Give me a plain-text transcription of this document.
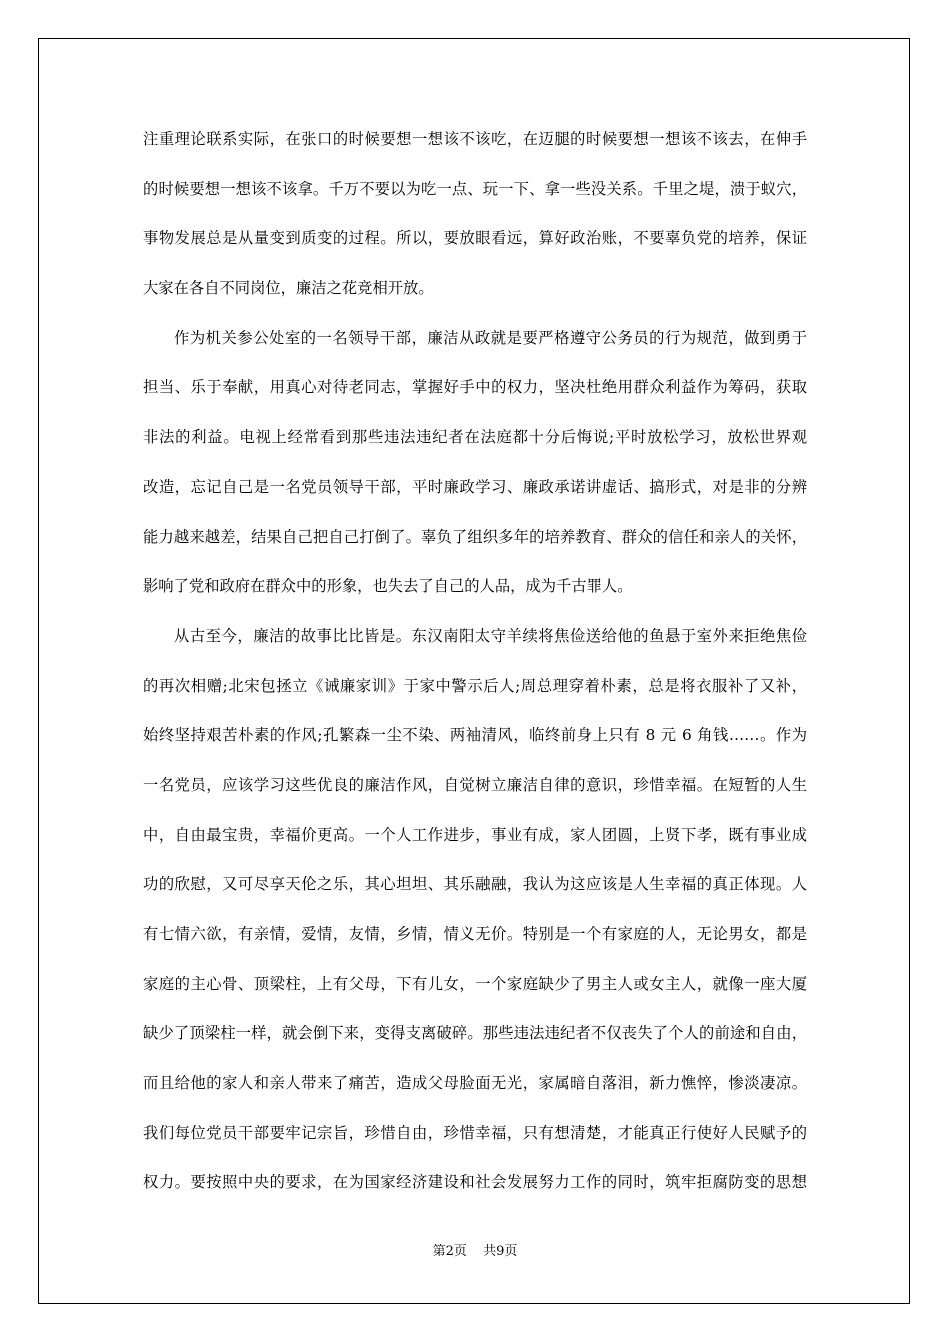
注重理论联系实际，在张口的时候要想一想该不该吃，在迈腿的时候要想一想该不该去，在伸手
的时候要想一想该不该拿。千万不要以为吃一点、玩一下、拿一些没关系。千里之堤，溃于蚁穴，
事物发展总是从量变到质变的过程。所以，要放眼看远，算好政治账，不要辜负党的培养，保证
大家在各自不同岗位，廉洁之花竞相开放。
作为机关参公处室的一名领导干部，廉洁从政就是要严格遵守公务员的行为规范，做到勇于
担当、乐于奉献，用真心对待老同志，掌握好手中的权力，坚决杜绝用群众利益作为筹码，获取
非法的利益。电视上经常看到那些违法违纪者在法庭都十分后悔说;平时放松学习，放松世界观
改造，忘记自己是一名党员领导干部，平时廉政学习、廉政承诺讲虚话、搞形式，对是非的分辨
能力越来越差，结果自己把自己打倒了。辜负了组织多年的培养教育、群众的信任和亲人的关怀，
影响了党和政府在群众中的形象，也失去了自己的人品，成为千古罪人。
从古至今，廉洁的故事比比皆是。东汉南阳太守羊续将焦俭送给他的鱼悬于室外来拒绝焦俭
的再次相赠;北宋包拯立《诫廉家训》于家中警示后人;周总理穿着朴素，总是将衣服补了又补，
始终坚持艰苦朴素的作风;孔繁森一尘不染、两袖清风，临终前身上只有 8 元 6 角钱……。作为
一名党员，应该学习这些优良的廉洁作风，自觉树立廉洁自律的意识，珍惜幸福。在短暂的人生
中，自由最宝贵，幸福价更高。一个人工作进步，事业有成，家人团圆，上贤下孝，既有事业成
功的欣慰，又可尽享天伦之乐，其心坦坦、其乐融融，我认为这应该是人生幸福的真正体现。人
有七情六欲，有亲情，爱情，友情，乡情，情义无价。特别是一个有家庭的人，无论男女，都是
家庭的主心骨、顶梁柱，上有父母，下有儿女，一个家庭缺少了男主人或女主人，就像一座大厦
缺少了顶梁柱一样，就会倒下来，变得支离破碎。那些违法违纪者不仅丧失了个人的前途和自由，
而且给他的家人和亲人带来了痛苦，造成父母脸面无光，家属暗自落泪，新力憔悴，惨淡凄凉。
我们每位党员干部要牢记宗旨，珍惜自由，珍惜幸福，只有想清楚，才能真正行使好人民赋予的
权力。要按照中央的要求，在为国家经济建设和社会发展努力工作的同时，筑牢拒腐防变的思想
第2页 共9页
